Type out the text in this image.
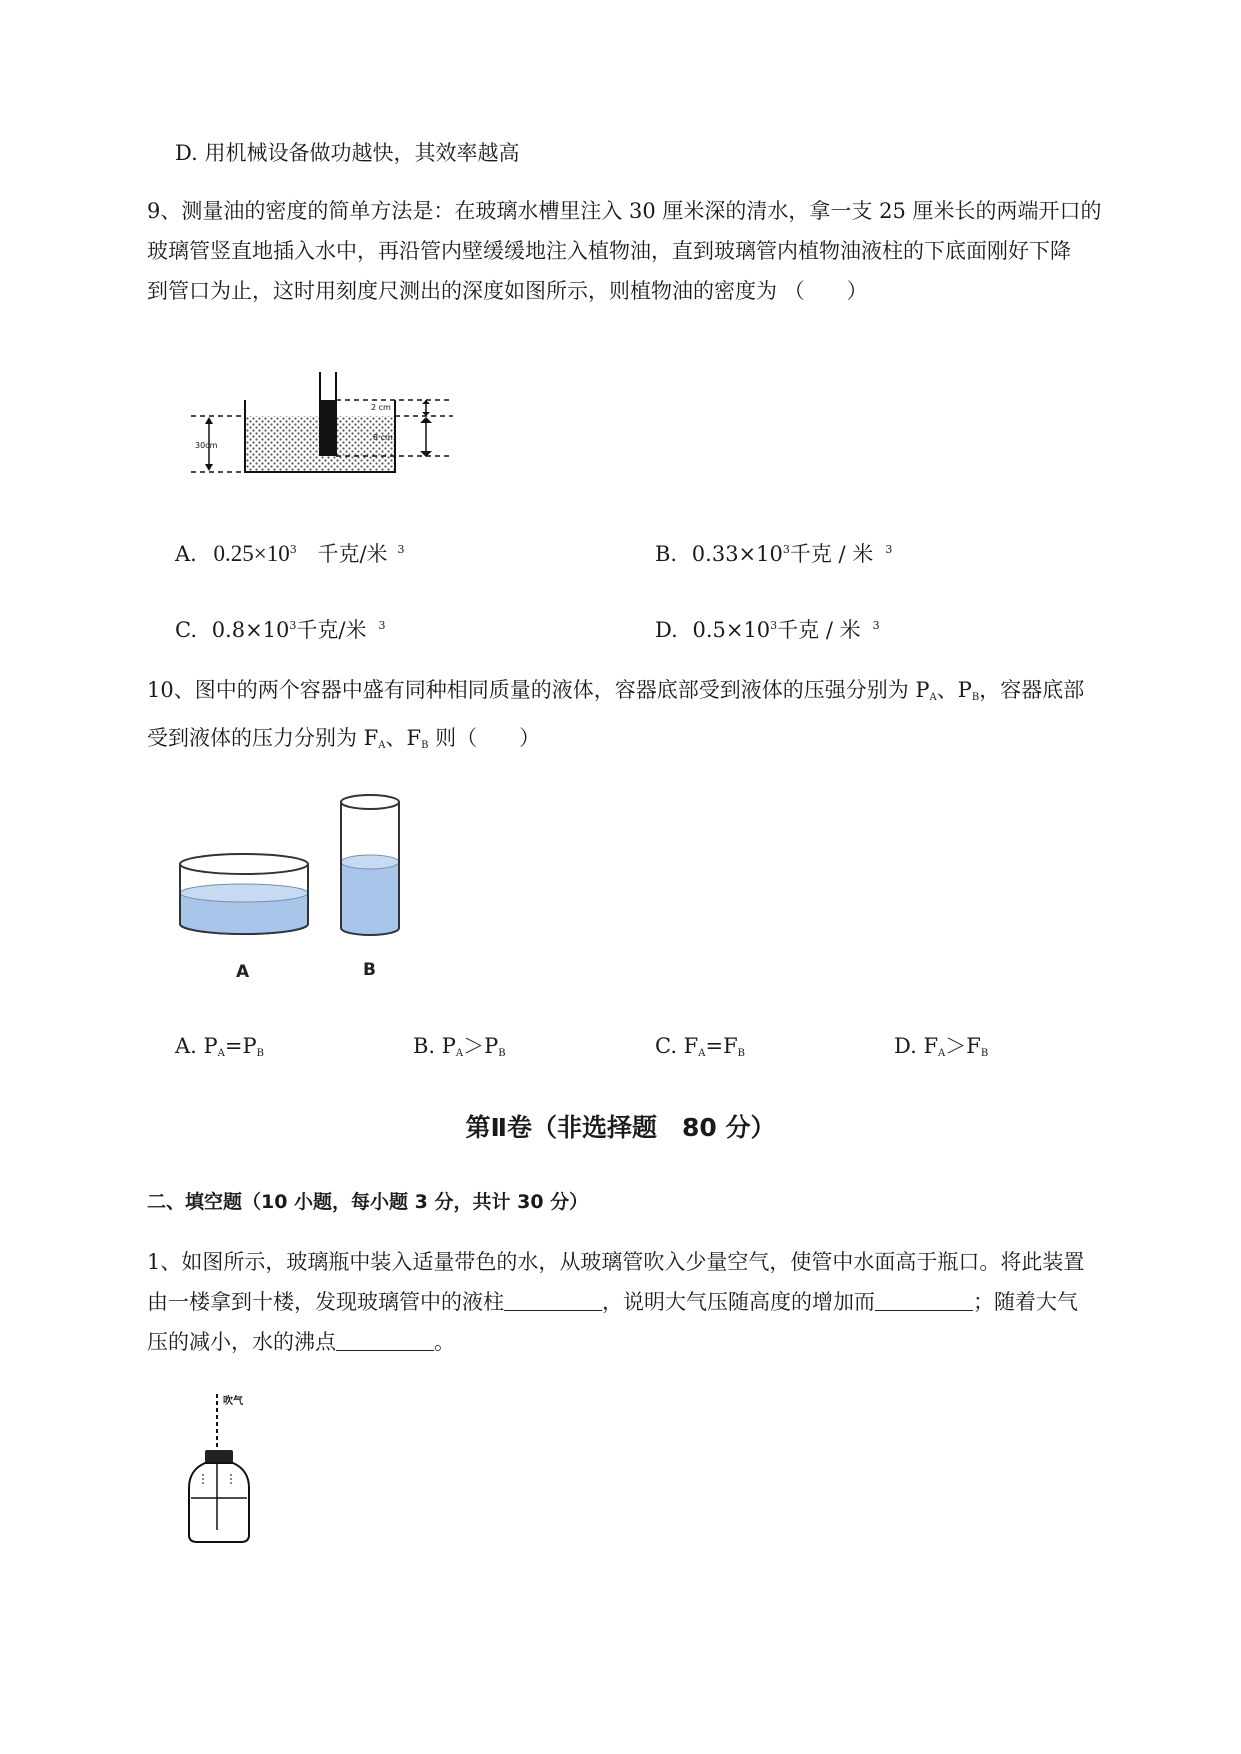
D. 用机械设备做功越快，其效率越高
9、测量油的密度的简单方法是：在玻璃水槽里注入 30 厘米深的清水，拿一支 25 厘米长的两端开口的
玻璃管竖直地插入水中，再沿管内壁缓缓地注入植物油，直到玻璃管内植物油液柱的下底面刚好下降
到管口为止，这时用刻度尺测出的深度如图所示，则植物油的密度为 （　　）
30cm
2 cm
8 cm
A. $0.25\times 10^3$ 千克/米 $^3$	B. $0.33\times 10^3$千克 / 米 $^3$
C. $0.8\times 10^3$千克/米 $^3$	D. $0.5\times 10^3$千克 / 米 $^3$
10、图中的两个容器中盛有同种相同质量的液体，容器底部受到液体的压强分别为 $P_A$、$P_B$，容器底部
受到液体的压力分别为 $F_A$、$F_B$ 则（　　）
A	B
A. $P_A=P_B$	B. $P_A>P_B$	C. $F_A=F_B$	D. $F_A>F_B$
第Ⅱ卷（非选择题　80 分）
二、填空题（10 小题，每小题 3 分，共计 30 分）
1、如图所示，玻璃瓶中装入适量带色的水，从玻璃管吹入少量空气，使管中水面高于瓶口。将此装置
由一楼拿到十楼，发现玻璃管中的液柱	，说明大气压随高度的增加而	；随着大气
压的减小，水的沸点	。
吹气
